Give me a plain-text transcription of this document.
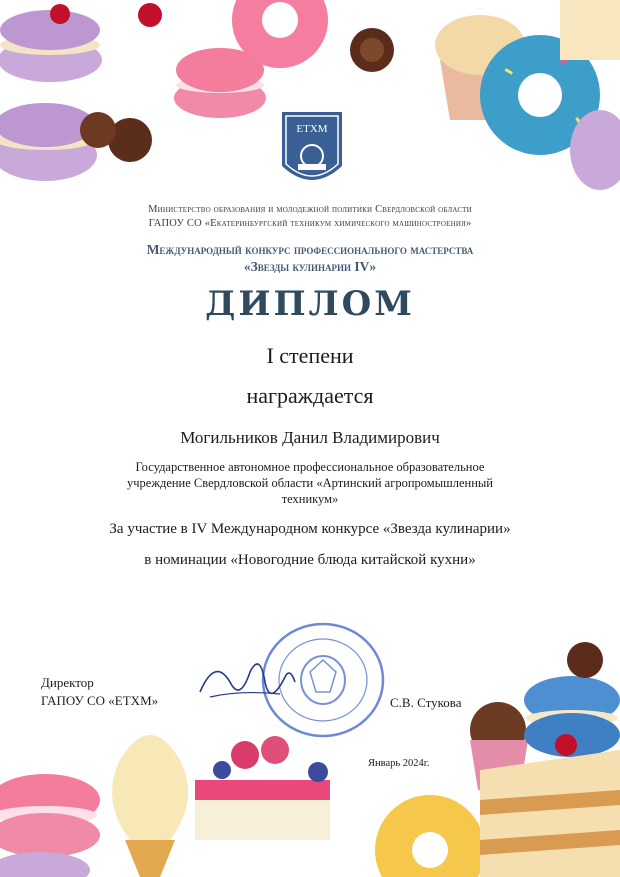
ETXM
Министерство образования и молодежной политики Свердловской области
ГАПОУ СО «Екатеринбургский техникум химического машиностроения»
Международный конкурс профессионального мастерства
«Звезды кулинарии IV»
ДИПЛОМ
I степени
награждается
Могильников Данил Владимирович
Государственное автономное профессиональное образовательное учреждение Свердловской области «Артинский агропромышленный техникум»
За участие в IV Международном конкурсе «Звезда кулинарии»
в номинации «Новогодние блюда китайской кухни»
Директор
ГАПОУ СО «ЕТХМ»	С.В. Стукова
Январь 2024г.
